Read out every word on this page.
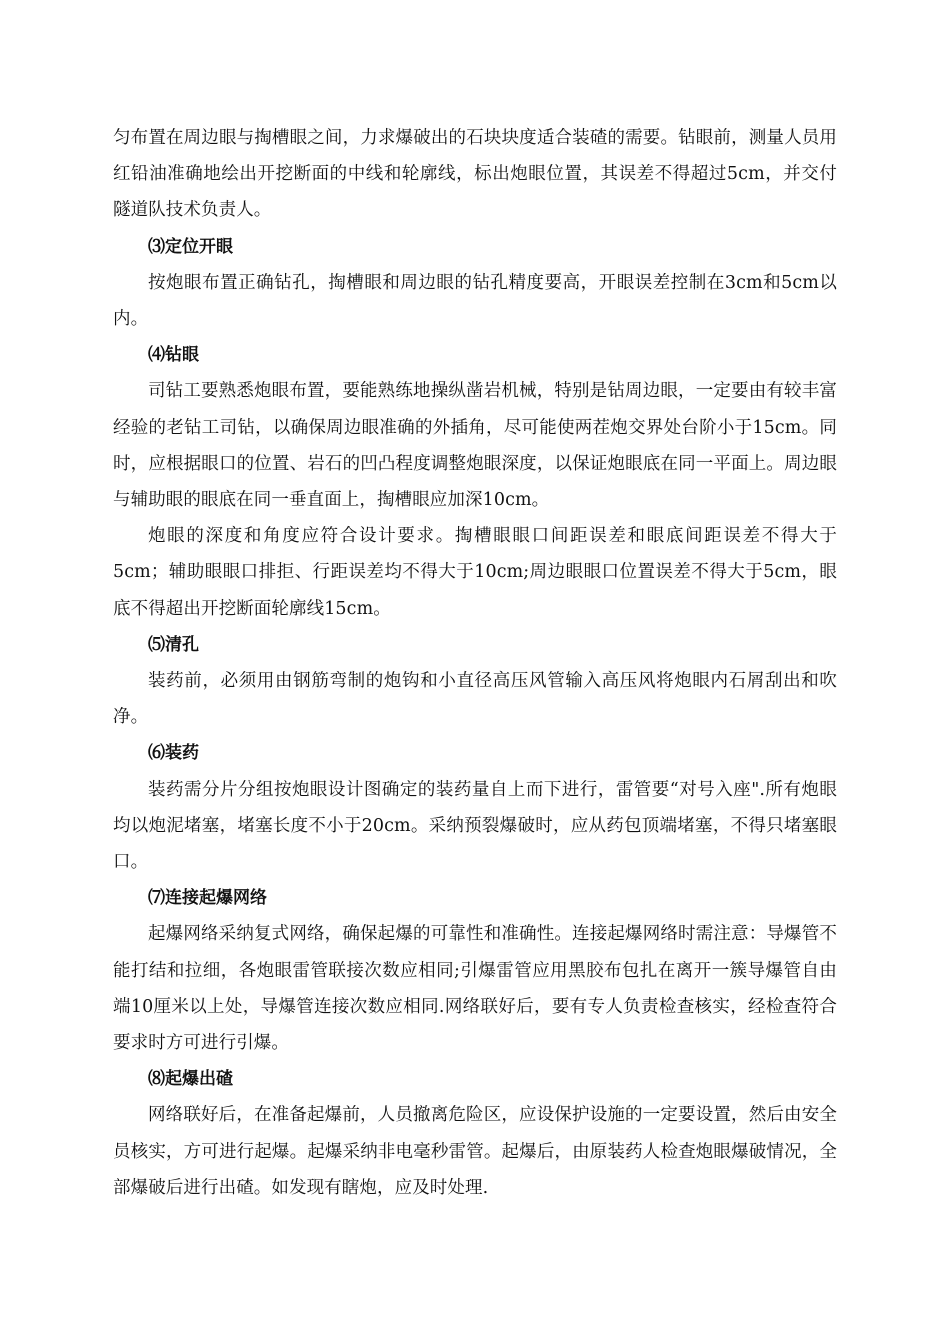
匀布置在周边眼与掏槽眼之间，力求爆破出的石块块度适合装碴的需要。钻眼前，测量人员用红铅油准确地绘出开挖断面的中线和轮廓线，标出炮眼位置，其误差不得超过5cm，并交付隧道队技术负责人。

⑶定位开眼

按炮眼布置正确钻孔，掏槽眼和周边眼的钻孔精度要高，开眼误差控制在3cm和5cm以内。

⑷钻眼

司钻工要熟悉炮眼布置，要能熟练地操纵凿岩机械，特别是钻周边眼，一定要由有较丰富经验的老钻工司钻，以确保周边眼准确的外插角，尽可能使两茬炮交界处台阶小于15cm。同时，应根据眼口的位置、岩石的凹凸程度调整炮眼深度，以保证炮眼底在同一平面上。周边眼与辅助眼的眼底在同一垂直面上，掏槽眼应加深10cm。

炮眼的深度和角度应符合设计要求。掏槽眼眼口间距误差和眼底间距误差不得大于5cm；辅助眼眼口排拒、行距误差均不得大于10cm;周边眼眼口位置误差不得大于5cm，眼底不得超出开挖断面轮廓线15cm。

⑸清孔

装药前，必须用由钢筋弯制的炮钩和小直径高压风管输入高压风将炮眼内石屑刮出和吹净。

⑹装药

装药需分片分组按炮眼设计图确定的装药量自上而下进行，雷管要“对号入座".所有炮眼均以炮泥堵塞，堵塞长度不小于20cm。采纳预裂爆破时，应从药包顶端堵塞，不得只堵塞眼口。

⑺连接起爆网络

起爆网络采纳复式网络，确保起爆的可靠性和准确性。连接起爆网络时需注意：导爆管不能打结和拉细，各炮眼雷管联接次数应相同;引爆雷管应用黑胶布包扎在离开一簇导爆管自由端10厘米以上处，导爆管连接次数应相同.网络联好后，要有专人负责检查核实，经检查符合要求时方可进行引爆。

⑻起爆出碴

网络联好后，在准备起爆前，人员撤离危险区，应设保护设施的一定要设置，然后由安全员核实，方可进行起爆。起爆采纳非电毫秒雷管。起爆后，由原装药人检查炮眼爆破情况，全部爆破后进行出碴。如发现有瞎炮，应及时处理.
